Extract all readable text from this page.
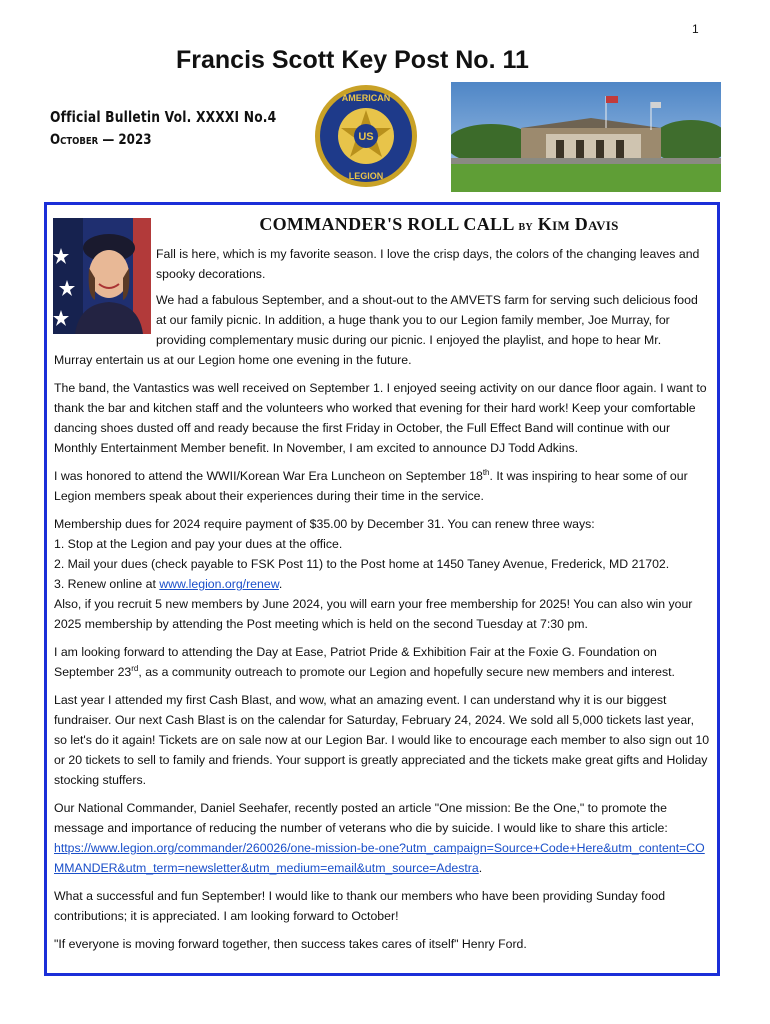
1
Francis Scott Key Post No. 11
Official Bulletin Vol. XXXXI No.4
October — 2023	US
AMERICAN
LEGION
COMMANDER'S ROLL CALL by Kim Davis

Fall is here, which is my favorite season. I love the crisp days, the colors of the changing leaves and spooky decorations.

We had a fabulous September, and a shout-out to the AMVETS farm for serving such delicious food at our family picnic. In addition, a huge thank you to our Legion family member, Joe Murray, for providing complementary music during our picnic. I enjoyed the playlist, and hope to hear Mr.

Murray entertain us at our Legion home one evening in the future.

The band, the Vantastics was well received on September 1. I enjoyed seeing activity on our dance floor again. I want to thank the bar and kitchen staff and the volunteers who worked that evening for their hard work! Keep your comfortable dancing shoes dusted off and ready because the first Friday in October, the Full Effect Band will continue with our Monthly Entertainment Member benefit. In November, I am excited to announce DJ Todd Adkins.

I was honored to attend the WWII/Korean War Era Luncheon on September 18th. It was inspiring to hear some of our Legion members speak about their experiences during their time in the service.

Membership dues for 2024 require payment of $35.00 by December 31. You can renew three ways:

1. Stop at the Legion and pay your dues at the office.

2. Mail your dues (check payable to FSK Post 11) to the Post home at 1450 Taney Avenue, Frederick, MD 21702.

3. Renew online at www.legion.org/renew.

Also, if you recruit 5 new members by June 2024, you will earn your free membership for 2025! You can also win your 2025 membership by attending the Post meeting which is held on the second Tuesday at 7:30 pm.

I am looking forward to attending the Day at Ease, Patriot Pride & Exhibition Fair at the Foxie G. Foundation on September 23rd, as a community outreach to promote our Legion and hopefully secure new members and interest.

Last year I attended my first Cash Blast, and wow, what an amazing event. I can understand why it is our biggest fundraiser. Our next Cash Blast is on the calendar for Saturday, February 24, 2024. We sold all 5,000 tickets last year, so let's do it again! Tickets are on sale now at our Legion Bar. I would like to encourage each member to also sign out 10 or 20 tickets to sell to family and friends. Your support is greatly appreciated and the tickets make great gifts and Holiday stocking stuffers.

Our National Commander, Daniel Seehafer, recently posted an article "One mission: Be the One," to promote the message and importance of reducing the number of veterans who die by suicide. I would like to share this article:

https://www.legion.org/commander/260026/one-mission-be-one?utm_campaign=Source+Code+Here&utm_content=COMMANDER&utm_term=newsletter&utm_medium=email&utm_source=Adestra.

What a successful and fun September! I would like to thank our members who have been providing Sunday food contributions; it is appreciated. I am looking forward to October!

"If everyone is moving forward together, then success takes cares of itself" Henry Ford.
